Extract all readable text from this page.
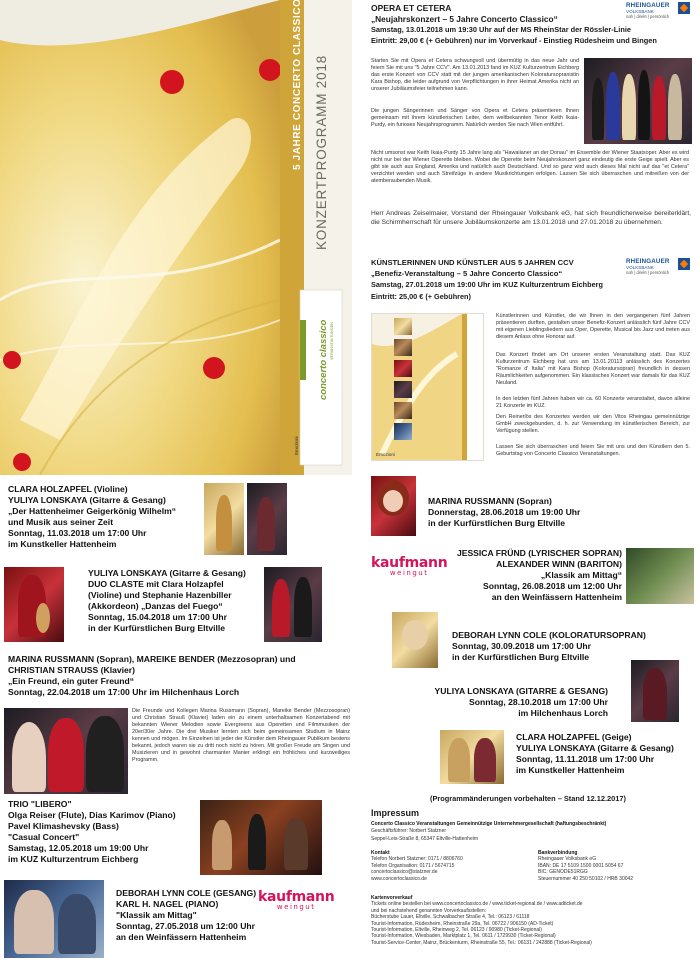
KONZERTPROGRAMM 2018
concerto classico VERANSTALTUNGEN
Emozioni
OPERA ET CETERA
„Neujahrskonzert – 5 Jahre Concerto Classico“
Samstag, 13.01.2018 um 19:30 Uhr auf der MS RheinStar der Rössler-Linie
Eintritt: 29,00 € (+ Gebühren) nur im Vorverkauf - Einstieg Rüdesheim und Bingen
RHEINGAUER
VOLKSBANK
nah | direkt | persönlich
Starten Sie mit Opera et Cetera schwungvoll und übermütig in das neue Jahr und feiern Sie mit uns "5 Jahre CCV". Am 13.01.2013 fand im KUZ Kulturzentrum Eichberg das erste Konzert von CCV statt mit der jungen amerikanischen Koloratursopranistin Kara Bishop, die leider aufgrund von Verpflichtungen in ihrer Heimat Amerika nicht an unserer Jubiläumsfeier teilnehmen kann.
Die jungen Sängerinnen und Sänger von Opera et Cetera präsentieren Ihnen gemeinsam mit ihrem künstlerischen Leiter, dem weltbekannten Tenor Keith Ikaia-Purdy, ein furioses Neujahrsprogramm. Natürlich werden Sie nach Wien entführt.
Nicht umsonst war Keith Ikaia-Purdy 15 Jahre lang als "Hawaiianer an der Donau" im Ensemble der Wiener Staatsoper. Aber es wird nicht nur bei der Wiener Operette bleiben. Wobei die Operette beim Neujahrskonzert ganz eindeutig die erste Geige spielt. Aber es gibt sie auch aus England, Amerika und natürlich auch Deutschland. Und so ganz wird auch dieses Mal nicht auf das "et Cetera" verzichtet werden und auch Streifzüge in andere Musikrichtungen erfolgen. Lassen Sie sich überraschen und mitreißen von der atemberaubenden Musik.
Herr Andreas Zeiselmaier, Vorstand der Rheingauer Volksbank eG, hat sich freundlicherweise bereiterklärt, die Schirmherrschaft für unsere Jubiläumskonzerte am 13.01.2018 und 27.01.2018 zu übernehmen.
KÜNSTLERINNEN UND KÜNSTLER AUS 5 JAHREN CCV
„Benefiz-Veranstaltung – 5 Jahre Concerto Classico“
Samstag, 27.01.2018 um 19:00 Uhr im KUZ Kulturzentrum Eichberg
Eintritt: 25,00 € (+ Gebühren)
RHEINGAUER
VOLKSBANK
nah | direkt | persönlich
Emozioni
Künstlerinnen und Künstler, die wir Ihnen in den vergangenen fünf Jahren präsentieren durften, gestalten unser Benefiz-Konzert anlässlich fünf Jahre CCV mit eigenen Lieblingsliedern aus Oper, Operette, Musical bis Jazz und treten aus diesem Anlass ohne Honorar auf.
Das Konzert findet am Ort unserer ersten Veranstaltung statt. Das KUZ Kulturzentrum Eichberg hat uns am 13.01.20113 anlässlich des Konzertes "Romanze d' Italia" mit Kara Bishop (Koloratursopran) freundlich in dessen Räumlichkeiten aufgenommen. Ein klassisches Konzert war damals für das KUZ Neuland.
In den letzten fünf Jahren haben wir ca. 60 Konzerte veranstaltet, davon alleine 21 Konzerte im KUZ.
Den Reinerlös des Konzertes werden wir den Vitos Rheingau gemeinnützige GmbH zweckgebunden, d. h. zur Verwendung im künstlerischen Bereich, zur Verfügung stellen.
Lassen Sie sich überraschen und feiern Sie mit uns und den Künstlern den 5. Geburtstag von Concerto Classico Veranstaltungen.
CLARA HOLZAPFEL (Violine)
YULIYA LONSKAYA (Gitarre & Gesang)
„Der Hattenheimer Geigerkönig Wilhelm“
und Musik aus seiner Zeit
Sonntag, 11.03.2018 um 17:00 Uhr
im Kunstkeller Hattenheim
YULIYA LONSKAYA (Gitarre & Gesang)
DUO CLASTE mit Clara Holzapfel
(Violine) und Stephanie Hazenbiller
(Akkordeon) „Danzas del Fuego“
Sonntag, 15.04.2018 um 17:00 Uhr
in der Kurfürstlichen Burg Eltville
MARINA RUSSMANN (Sopran), MAREIKE BENDER (Mezzosopran) und
CHRISTIAN STRAUSS (Klavier)
„Ein Freund, ein guter Freund“
Sonntag, 22.04.2018 um 17:00 Uhr im Hilchenhaus Lorch
Die Freunde und Kollegen Marina Russmann (Sopran), Mareike Bender (Mezzosopran) und Christian Strauß (Klavier) laden ein zu einem unterhaltsamen Konzertabend mit bekannten Wiener Melodien sowie Evergreens aus Operetten und Filmmusiken der 20er/30er Jahre. Die drei Musiker lernten sich beim gemeinsamen Studium in Mainz kennen und mögen. Im Einzelnen ist jeder der Künstler dem Rheingauer Publikum bestens bekannt, jedoch waren sie zu dritt noch nicht zu hören. Mit großer Freude am Singen und Musizieren und in gewohnt charmanter Manier erklingt ein fröhliches und kurzweiliges Programm.
TRIO "LIBERO"
Olga Reiser (Flute), Dias Karimov (Piano)
Pavel Klimashevsky (Bass)
"Casual Concert"
Samstag, 12.05.2018 um 19:00 Uhr
im KUZ Kulturzentrum Eichberg
DEBORAH LYNN COLE (GESANG)
KARL H. NAGEL (PIANO)
"Klassik am Mittag"
Sonntag, 27.05.2018 um 12:00 Uhr
an den Weinfässern Hattenheim
kaufmann
weingut
MARINA RUSSMANN (Sopran)
Donnerstag, 28.06.2018 um 19:00 Uhr
in der Kurfürstlichen Burg Eltville
kaufmann
weingut
JESSICA FRÜND (LYRISCHER SOPRAN)
ALEXANDER WINN (BARITON)
„Klassik am Mittag“
Sonntag, 26.08.2018 um 12:00 Uhr
an den Weinfässern Hattenheim
DEBORAH LYNN COLE (KOLORATURSOPRAN)
Sonntag, 30.09.2018 um 17:00 Uhr
in der Kurfürstlichen Burg Eltville
YULIYA LONSKAYA (GITARRE & GESANG)
Sonntag, 28.10.2018 um 17:00 Uhr
im Hilchenhaus Lorch
CLARA HOLZAPFEL (Geige)
YULIYA LONSKAYA (Gitarre & Gesang)
Sonntag, 11.11.2018 um 17:00 Uhr
im Kunstkeller Hattenheim
(Programmänderungen vorbehalten – Stand 12.12.2017)
Impressum
Concerto Classico Veranstaltungen Gemeinnützige Unternehmergesellschaft (haftungsbeschränkt)
Geschäftsführer: Norbert Statzner
Seppel-Leis-Straße 8, 65347 Eltville-Hattenheim
Kontakt
Telefon Norbert Statzner: 0171 / 8806760
Telefon Organisation: 0171 / 5674715
concertoclassico@statzner.de
www.concertoclassico.de
Bankverbindung
Rheingauer Volksbank eG
IBAN: DE 17 5109 1500 0001 5054 67
BIC: GENODE51RGG
Steuernummer 40 250 50102 / HRB 30042
Kartenvorverkauf
Tickets online bestellen bei www.concertoclassico.de / www.ticket-regional.de / www.adticket.de
und bei nachstehend genannten Vorverkaufsstellen:
Bücherstube Lauer, Eltville, Schwalbacher Straße 4, Tel.: 06123 / 61118
Tourist-Information, Rüdesheim, Rheinstraße 29a, Tel. 06722 / 906150 (AD-Ticket)
Tourist-Information, Eltville, Rheinweg 2, Tel. 06123 / 90980 (Ticket-Regional)
Tourist-Information, Wiesbaden, Marktplatz 1, Tel. 0611 / 1729930 (Ticket-Regional)
Tourist-Service-Center, Mainz, Brückenturm, Rheinstraße 55, Tel.: 06131 / 242888 (Ticket-Regional)
